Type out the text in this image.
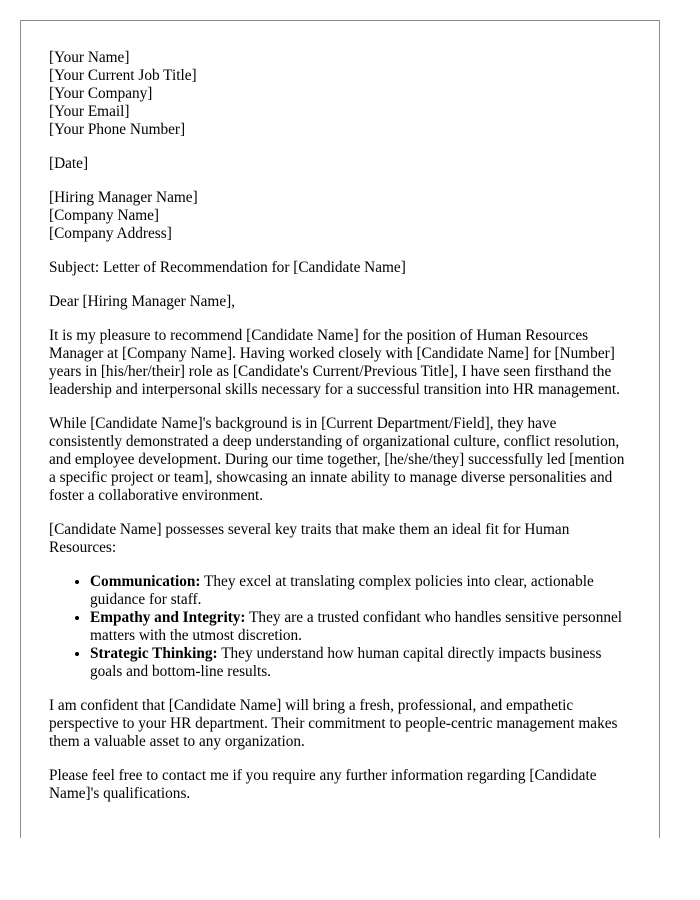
[Your Name]
[Your Current Job Title]
[Your Company]
[Your Email]
[Your Phone Number]
[Date]
[Hiring Manager Name]
[Company Name]
[Company Address]

Subject: Letter of Recommendation for [Candidate Name]

Dear [Hiring Manager Name],

It is my pleasure to recommend [Candidate Name] for the position of Human Resources Manager at [Company Name]. Having worked closely with [Candidate Name] for [Number] years in [his/her/their] role as [Candidate's Current/Previous Title], I have seen firsthand the leadership and interpersonal skills necessary for a successful transition into HR management.

While [Candidate Name]'s background is in [Current Department/Field], they have consistently demonstrated a deep understanding of organizational culture, conflict resolution, and employee development. During our time together, [he/she/they] successfully led [mention a specific project or team], showcasing an innate ability to manage diverse personalities and foster a collaborative environment.

[Candidate Name] possesses several key traits that make them an ideal fit for Human Resources:

• Communication: They excel at translating complex policies into clear, actionable guidance for staff.
• Empathy and Integrity: They are a trusted confidant who handles sensitive personnel matters with the utmost discretion.
• Strategic Thinking: They understand how human capital directly impacts business goals and bottom-line results.

I am confident that [Candidate Name] will bring a fresh, professional, and empathetic perspective to your HR department. Their commitment to people-centric management makes them a valuable asset to any organization.

Please feel free to contact me if you require any further information regarding [Candidate Name]'s qualifications.
